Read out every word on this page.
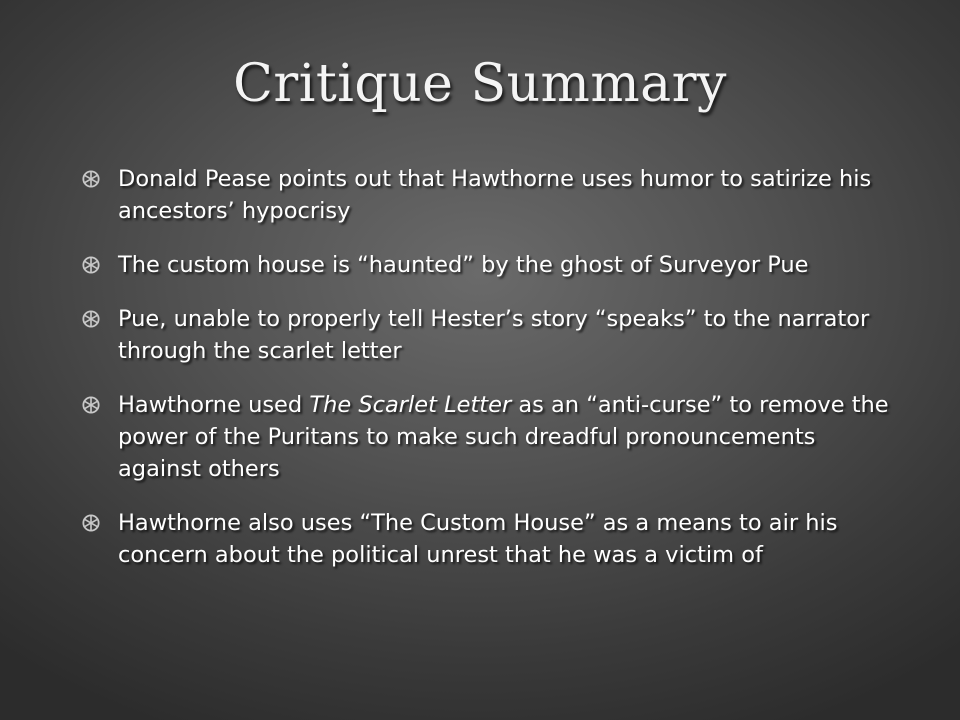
Critique Summary
Donald Pease points out that Hawthorne uses humor to satirize his ancestors’ hypocrisy
The custom house is “haunted” by the ghost of Surveyor Pue
Pue, unable to properly tell Hester’s story “speaks” to the narrator through the scarlet letter
Hawthorne used The Scarlet Letter as an “anti-curse” to remove the power of the Puritans to make such dreadful pronouncements against others
Hawthorne also uses “The Custom House” as a means to air his concern about the political unrest that he was a victim of
